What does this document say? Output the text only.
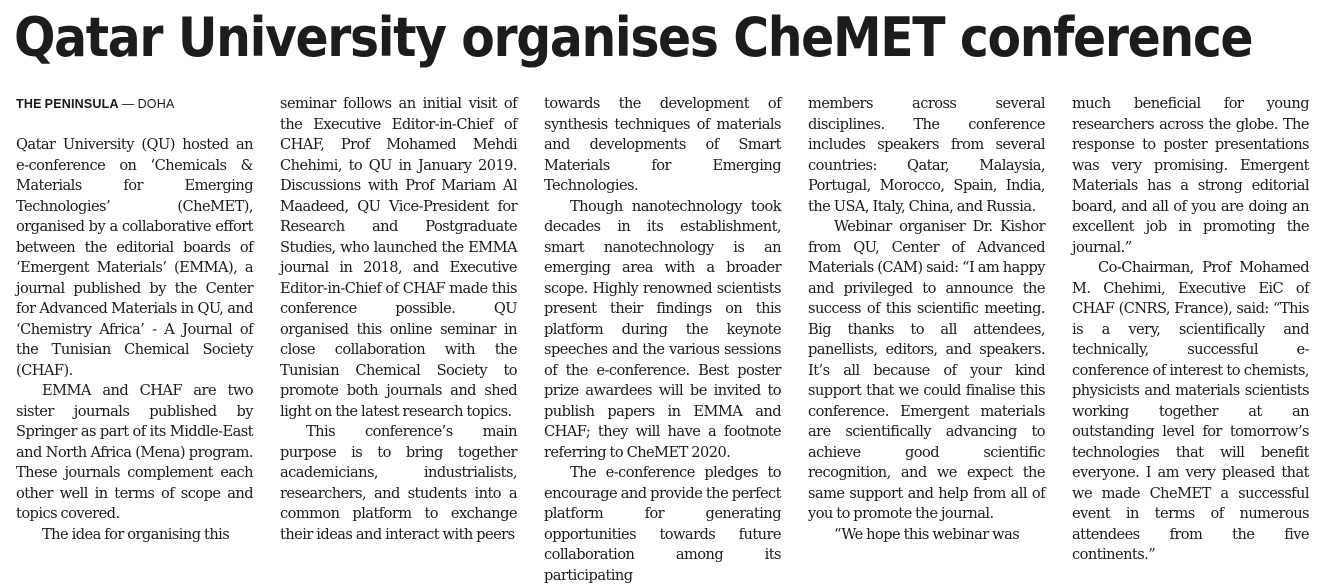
Qatar University organises CheMET conference
THE PENINSULA — DOHA

Qatar University (QU) hosted an e-conference on ‘Chemicals & Materials for Emerging Technologies’ (CheMET), organised by a collaborative effort between the editorial boards of ‘Emergent Materials’ (EMMA), a journal published by the Center for Advanced Materials in QU, and ‘Chemistry Africa’ - A Journal of the Tunisian Chemical Society (CHAF).

EMMA and CHAF are two sister journals published by Springer as part of its Middle-East and North Africa (Mena) program. These journals complement each other well in terms of scope and topics covered.

The idea for organising this

seminar follows an initial visit of the Executive Editor-in-Chief of CHAF, Prof Mohamed Mehdi Chehimi, to QU in January 2019. Discussions with Prof Mariam Al Maadeed, QU Vice-President for Research and Postgraduate Studies, who launched the EMMA journal in 2018, and Executive Editor-in-Chief of CHAF made this conference possible. QU organised this online seminar in close collaboration with the Tunisian Chemical Society to promote both journals and shed light on the latest research topics.

This conference’s main purpose is to bring together academicians, industrialists, researchers, and students into a common platform to exchange their ideas and interact with peers

towards the development of synthesis techniques of materials and developments of Smart Materials for Emerging Technologies.

Though nanotechnology took decades in its establishment, smart nanotechnology is an emerging area with a broader scope. Highly renowned scientists present their findings on this platform during the keynote speeches and the various sessions of the e-conference. Best poster prize awardees will be invited to publish papers in EMMA and CHAF; they will have a footnote referring to CheMET 2020.

The e-conference pledges to encourage and provide the perfect platform for generating opportunities towards future collaboration among its participating

members across several disciplines. The conference includes speakers from several countries: Qatar, Malaysia, Portugal, Morocco, Spain, India, the USA, Italy, China, and Russia.

Webinar organiser Dr. Kishor from QU, Center of Advanced Materials (CAM) said: “I am happy and privileged to announce the success of this scientific meeting. Big thanks to all attendees, panellists, editors, and speakers. It’s all because of your kind support that we could finalise this conference. Emergent materials are scientifically advancing to achieve good scientific recognition, and we expect the same support and help from all of you to promote the journal.

“We hope this webinar was

much beneficial for young researchers across the globe. The response to poster presentations was very promising. Emergent Materials has a strong editorial board, and all of you are doing an excellent job in promoting the journal.”

Co-Chairman, Prof Mohamed M. Chehimi, Executive EiC of CHAF (CNRS, France), said: “This is a very, scientifically and technically, successful e-conference of interest to chemists, physicists and materials scientists working together at an outstanding level for tomorrow’s technologies that will benefit everyone. I am very pleased that we made CheMET a successful event in terms of numerous attendees from the five continents.”
